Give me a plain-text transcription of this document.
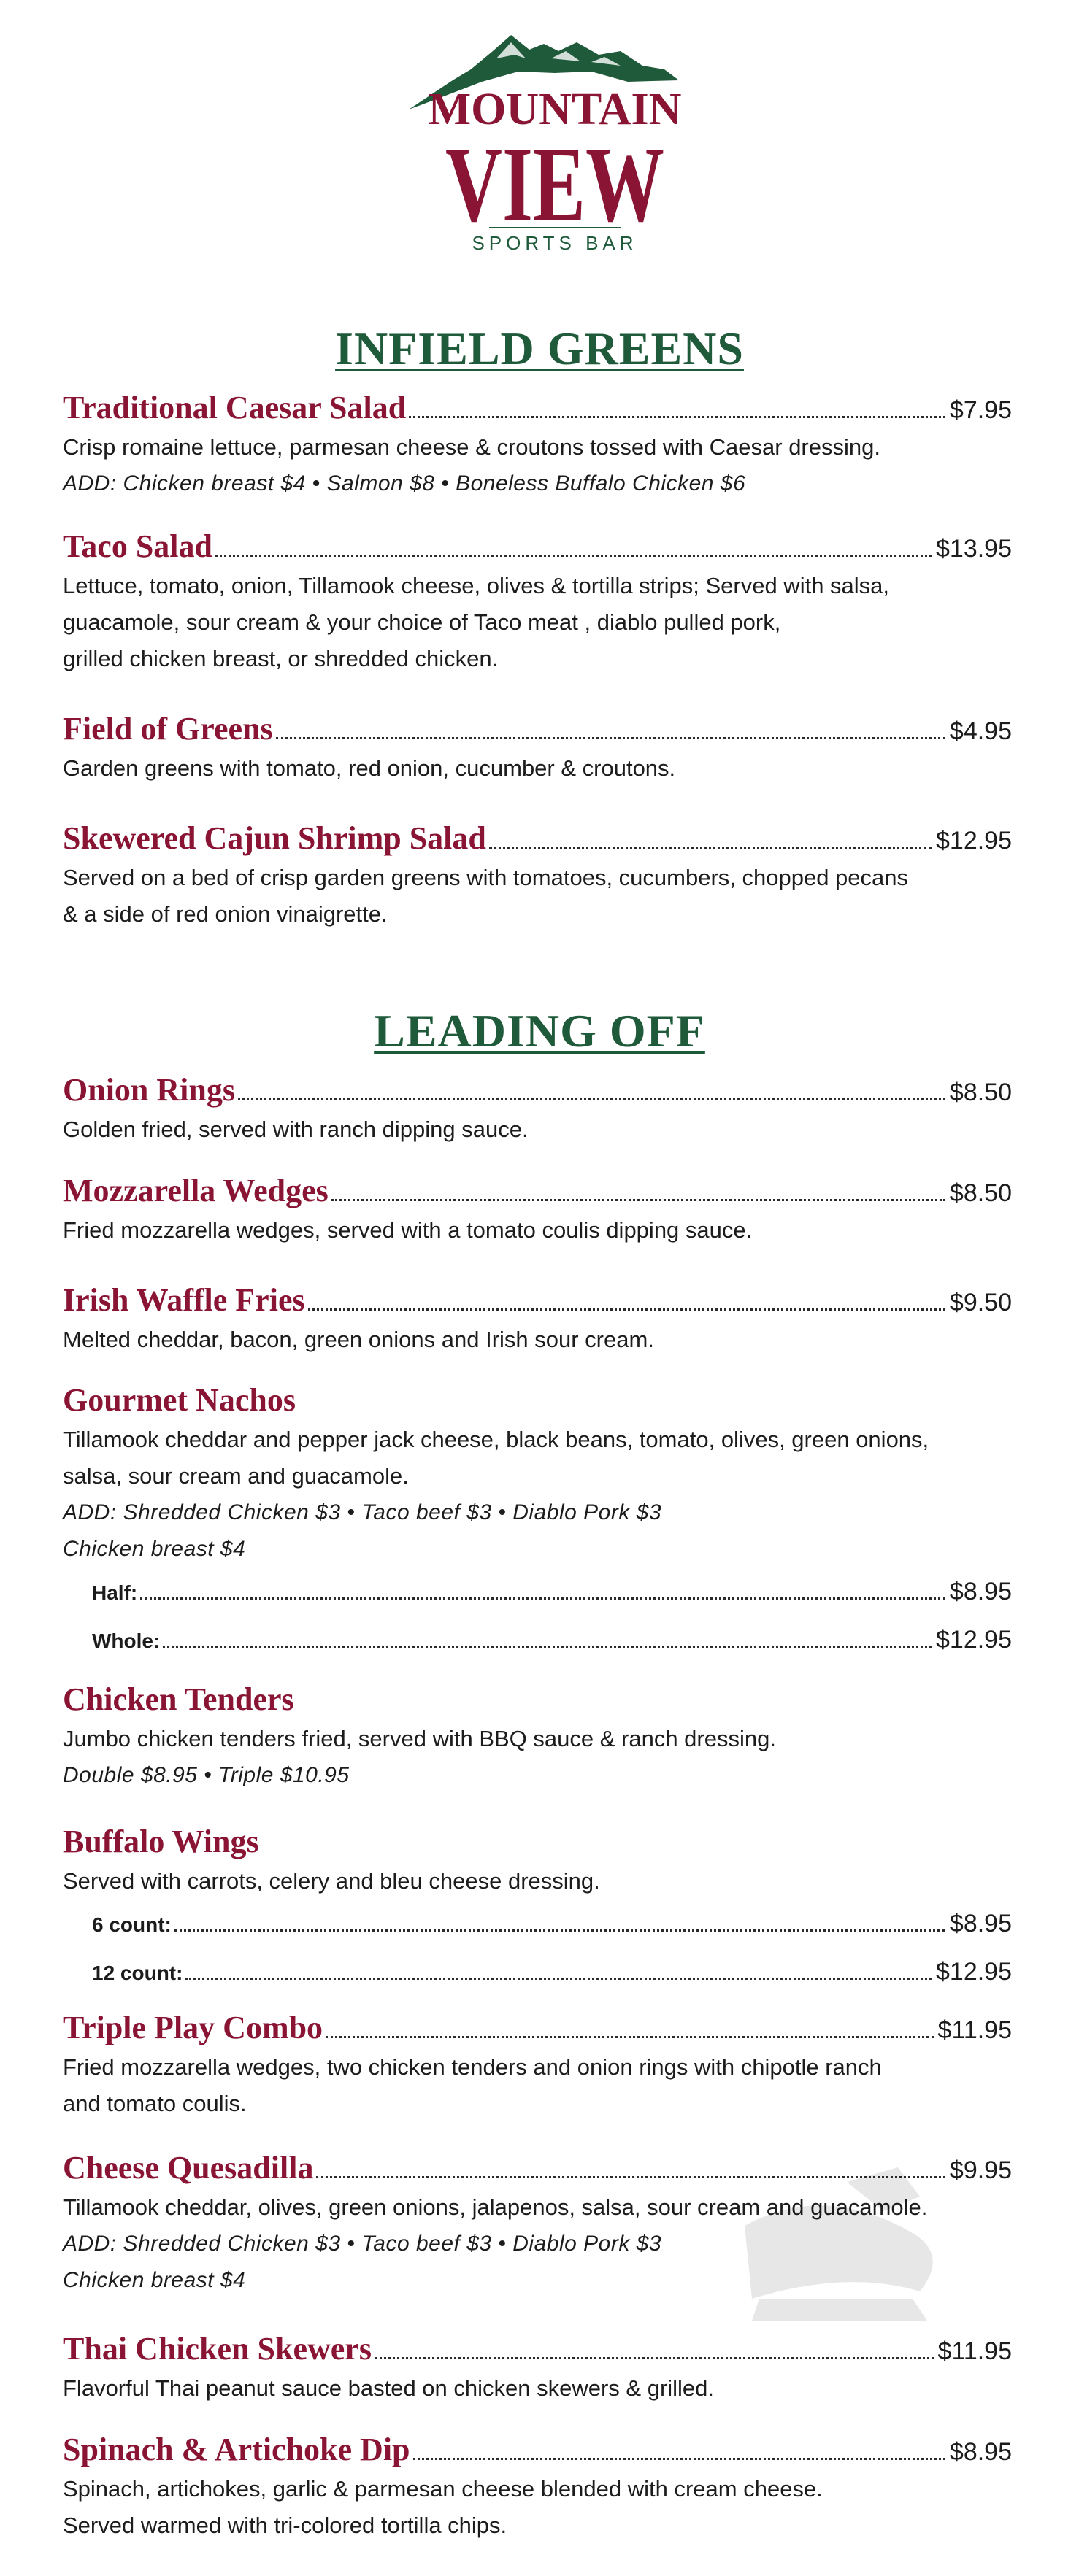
MOUNTAIN
VIEW
SPORTS BAR
INFIELD GREENS
Traditional Caesar Salad	$7.95

Crisp romaine lettuce, parmesan cheese & croutons tossed with Caesar dressing.

ADD: Chicken breast $4 • Salmon $8 • Boneless Buffalo Chicken $6

Taco Salad	$13.95

Lettuce, tomato, onion, Tillamook cheese, olives & tortilla strips; Served with salsa,

guacamole, sour cream & your choice of Taco meat , diablo pulled pork,

grilled chicken breast, or shredded chicken.

Field of Greens	$4.95

Garden greens with tomato, red onion, cucumber & croutons.

Skewered Cajun Shrimp Salad	$12.95

Served on a bed of crisp garden greens with tomatoes, cucumbers, chopped pecans

& a side of red onion vinaigrette.

LEADING OFF
Onion Rings	$8.50

Golden fried, served with ranch dipping sauce.

Mozzarella Wedges	$8.50

Fried mozzarella wedges, served with a tomato coulis dipping sauce.

Irish Waffle Fries	$9.50

Melted cheddar, bacon, green onions and Irish sour cream.

Gourmet Nachos

Tillamook cheddar and pepper jack cheese, black beans, tomato, olives, green onions,

salsa, sour cream and guacamole.

ADD: Shredded Chicken $3 • Taco beef $3 • Diablo Pork $3

Chicken breast $4

Half:	$8.95
Whole:	$12.95
Chicken Tenders

Jumbo chicken tenders fried, served with BBQ sauce & ranch dressing.

Double $8.95 • Triple $10.95

Buffalo Wings

Served with carrots, celery and bleu cheese dressing.

6 count:	$8.95
12 count:	$12.95
Triple Play Combo	$11.95

Fried mozzarella wedges, two chicken tenders and onion rings with chipotle ranch

and tomato coulis.

Cheese Quesadilla	$9.95

Tillamook cheddar, olives, green onions, jalapenos, salsa, sour cream and guacamole.

ADD: Shredded Chicken $3 • Taco beef $3 • Diablo Pork $3

Chicken breast $4

Thai Chicken Skewers	$11.95

Flavorful Thai peanut sauce basted on chicken skewers & grilled.

Spinach & Artichoke Dip	$8.95

Spinach, artichokes, garlic & parmesan cheese blended with cream cheese.

Served warmed with tri-colored tortilla chips.
